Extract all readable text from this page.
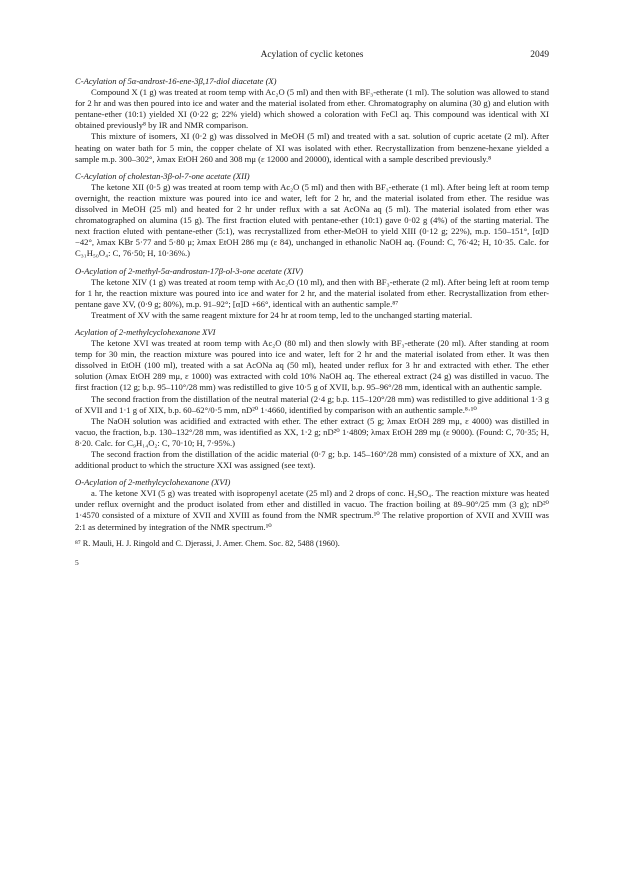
Acylation of cyclic ketones	2049

C-Acylation of 5α-androst-16-ene-3β,17-diol diacetate (X)

Compound X (1 g) was treated at room temp with Ac₂O (5 ml) and then with BF₃-etherate (1 ml). The solution was allowed to stand for 2 hr and was then poured into ice and water and the material isolated from ether. Chromatography on alumina (30 g) and elution with pentane-ether (10:1) yielded XI (0·22 g; 22% yield) which showed a coloration with FeCl aq. This compound was identical with XI obtained previously⁸ by IR and NMR comparison.

This mixture of isomers, XI (0·2 g) was dissolved in MeOH (5 ml) and treated with a sat. solution of cupric acetate (2 ml). After heating on water bath for 5 min, the copper chelate of XI was isolated with ether. Recrystallization from benzene-hexane yielded a sample m.p. 300–302°, λmax EtOH 260 and 308 mμ (ε 12000 and 20000), identical with a sample described previously.⁸

C-Acylation of cholestan-3β-ol-7-one acetate (XII)

The ketone XII (0·5 g) was treated at room temp with Ac₂O (5 ml) and then with BF₃-etherate (1 ml). After being left at room temp overnight, the reaction mixture was poured into ice and water, left for 2 hr, and the material isolated from ether. The residue was dissolved in MeOH (25 ml) and heated for 2 hr under reflux with a sat AcONa aq (5 ml). The material isolated from ether was chromatographed on alumina (15 g). The first fraction eluted with pentane-ether (10:1) gave 0·02 g (4%) of the starting material. The next fraction eluted with pentane-ether (5:1), was recrystallized from ether-MeOH to yield XIII (0·12 g; 22%), m.p. 150–151°, [α]D −42°, λmax KBr 5·77 and 5·80 μ; λmax EtOH 286 mμ (ε 84), unchanged in ethanolic NaOH aq. (Found: C, 76·42; H, 10·35. Calc. for C₃₁H₅₀O₄: C, 76·50; H, 10·36%.)

O-Acylation of 2-methyl-5α-androstan-17β-ol-3-one acetate (XIV)

The ketone XIV (1 g) was treated at room temp with Ac₂O (10 ml), and then with BF₃-etherate (2 ml). After being left at room temp for 1 hr, the reaction mixture was poured into ice and water for 2 hr, and the material isolated from ether. Recrystallization from ether-pentane gave XV, (0·9 g; 80%), m.p. 91–92°; [α]D +66°, identical with an authentic sample.⁸⁷

Treatment of XV with the same reagent mixture for 24 hr at room temp, led to the unchanged starting material.

Acylation of 2-methylcyclohexanone XVI

The ketone XVI was treated at room temp with Ac₂O (80 ml) and then slowly with BF₃-etherate (20 ml). After standing at room temp for 30 min, the reaction mixture was poured into ice and water, left for 2 hr and the material isolated from ether. It was then dissolved in EtOH (100 ml), treated with a sat AcONa aq (50 ml), heated under reflux for 3 hr and extracted with ether. The ether solution (λmax EtOH 289 mμ, ε 1000) was extracted with cold 10% NaOH aq. The ethereal extract (24 g) was distilled in vacuo. The first fraction (12 g; b.p. 95–110°/28 mm) was redistilled to give 10·5 g of XVII, b.p. 95–96°/28 mm, identical with an authentic sample.

The second fraction from the distillation of the neutral material (2·4 g; b.p. 115–120°/28 mm) was redistilled to give additional 1·3 g of XVII and 1·1 g of XIX, b.p. 60–62°/0·5 mm, nD²⁰ 1·4660, identified by comparison with an authentic sample.⁸·¹⁰

The NaOH solution was acidified and extracted with ether. The ether extract (5 g; λmax EtOH 289 mμ, ε 4000) was distilled in vacuo, the fraction, b.p. 130–132°/28 mm, was identified as XX, 1·2 g; nD²⁰ 1·4809; λmax EtOH 289 mμ (ε 9000). (Found: C, 70·35; H, 8·20. Calc. for C₉H₁₄O₂: C, 70·10; H, 7·95%.)

The second fraction from the distillation of the acidic material (0·7 g; b.p. 145–160°/28 mm) consisted of a mixture of XX, and an additional product to which the structure XXI was assigned (see text).

O-Acylation of 2-methylcyclohexanone (XVI)

a. The ketone XVI (5 g) was treated with isopropenyl acetate (25 ml) and 2 drops of conc. H₂SO₄. The reaction mixture was heated under reflux overnight and the product isolated from ether and distilled in vacuo. The fraction boiling at 89–90°/25 mm (3 g); nD²⁰ 1·4570 consisted of a mixture of XVII and XVIII as found from the NMR spectrum.¹⁰ The relative proportion of XVII and XVIII was 2:1 as determined by integration of the NMR spectrum.¹⁰

⁸⁷ R. Mauli, H. J. Ringold and C. Djerassi, J. Amer. Chem. Soc. 82, 5488 (1960).

5
